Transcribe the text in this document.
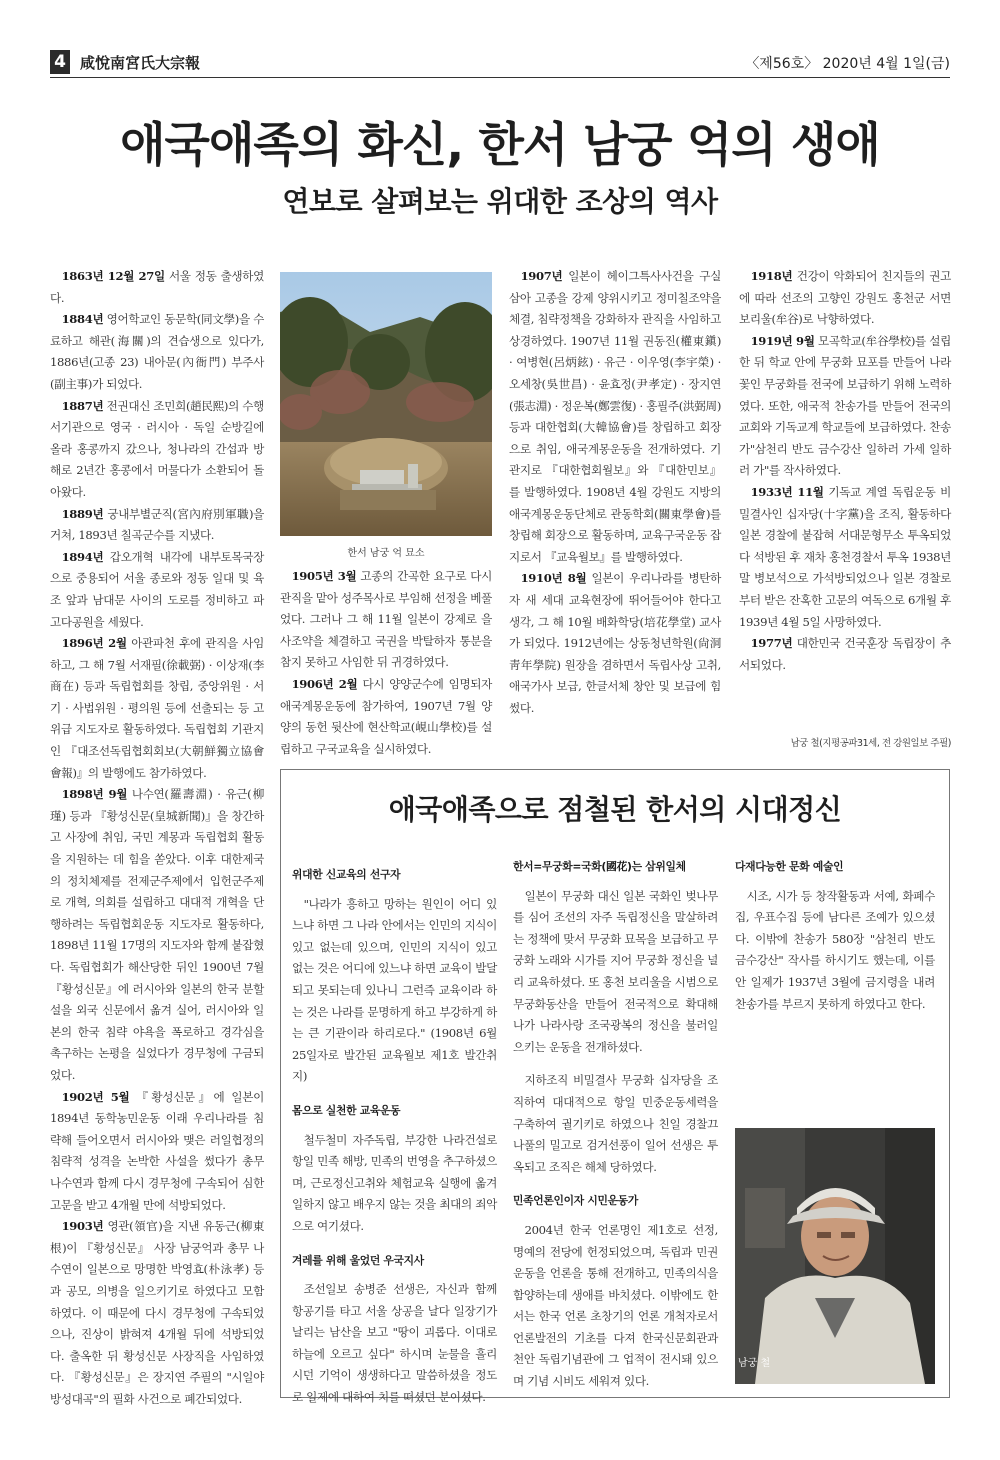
4 咸悅南宮氏大宗報	〈제56호〉 2020년 4월 1일(금)
애국애족의 화신, 한서 남궁 억의 생애
연보로 살펴보는 위대한 조상의 역사
한서 남궁 억 묘소

1863년 12월 27일 서울 정동 출생하였다.

1884년 영어학교인 동문학(同文學)을 수료하고 해관(海關)의 견습생으로 있다가, 1886년(고종 23) 내아문(內衙門) 부주사(副主事)가 되었다.

1887년 전권대신 조민희(趙民熙)의 수행서기관으로 영국 · 러시아 · 독일 순방길에 올라 홍콩까지 갔으나, 청나라의 간섭과 방해로 2년간 홍콩에서 머물다가 소환되어 돌아왔다.

1889년 궁내부별군직(宮內府別軍職)을 거쳐, 1893년 칠곡군수를 지냈다.

1894년 갑오개혁 내각에 내부토목국장으로 중용되어 서울 종로와 정동 일대 및 육조 앞과 남대문 사이의 도로를 정비하고 파고다공원을 세웠다.

1896년 2월 아관파천 후에 관직을 사임하고, 그 해 7월 서재필(徐載弼) · 이상재(李商在) 등과 독립협회를 창립, 중앙위원 · 서기 · 사법위원 · 평의원 등에 선출되는 등 고위급 지도자로 활동하였다. 독립협회 기관지인 『대조선독립협회회보(大朝鮮獨立協會會報)』의 발행에도 참가하였다.

1898년 9월 나수연(羅壽淵) · 유근(柳瑾) 등과 『황성신문(皇城新聞)』을 창간하고 사장에 취임, 국민 계몽과 독립협회 활동을 지원하는 데 힘을 쏟았다. 이후 대한제국의 정치체제를 전제군주제에서 입헌군주제로 개혁, 의회를 설립하고 대대적 개혁을 단행하려는 독립협회운동 지도자로 활동하다, 1898년 11월 17명의 지도자와 함께 붙잡혔다. 독립협회가 해산당한 뒤인 1900년 7월 『황성신문』에 러시아와 일본의 한국 분할 설을 외국 신문에서 옮겨 실어, 러시아와 일본의 한국 침략 야욕을 폭로하고 경각심을 촉구하는 논평을 실었다가 경무청에 구금되었다.

1902년 5월 『황성신문』에 일본이 1894년 동학농민운동 이래 우리나라를 침략해 들어오면서 러시아와 맺은 러일협정의 침략적 성격을 논박한 사설을 썼다가 총무 나수연과 함께 다시 경무청에 구속되어 심한 고문을 받고 4개월 만에 석방되었다.

1903년 영관(領官)을 지낸 유동근(柳東根)이 『황성신문』 사장 남궁억과 총무 나수연이 일본으로 망명한 박영효(朴泳孝) 등과 공모, 의병을 일으키기로 하였다고 모함하였다. 이 때문에 다시 경무청에 구속되었으나, 진상이 밝혀져 4개월 뒤에 석방되었다. 출옥한 뒤 황성신문 사장직을 사임하였다. 『황성신문』은 장지연 주필의 "시일야방성대곡"의 필화 사건으로 폐간되었다.

1905년 3월 고종의 간곡한 요구로 다시 관직을 맡아 성주목사로 부임해 선정을 베풀었다. 그러나 그 해 11월 일본이 강제로 을사조약을 체결하고 국권을 박탈하자 통분을 참지 못하고 사임한 뒤 귀경하였다.

1906년 2월 다시 양양군수에 임명되자 애국계몽운동에 참가하여, 1907년 7월 양양의 동헌 뒷산에 현산학교(峴山學校)를 설립하고 구국교육을 실시하였다.

1907년 일본이 헤이그특사사건을 구실삼아 고종을 강제 양위시키고 정미칠조약을 체결, 침략정책을 강화하자 관직을 사임하고 상경하였다. 1907년 11월 권동진(權東鎭) · 여병현(呂炳鉉) · 유근 · 이우영(李宇榮) · 오세창(吳世昌) · 윤효정(尹孝定) · 장지연(張志淵) · 정운복(鄭雲復) · 홍필주(洪弼周) 등과 대한협회(大韓協會)를 창립하고 회장으로 취임, 애국계몽운동을 전개하였다. 기관지로 『대한협회월보』와 『대한민보』를 발행하였다. 1908년 4월 강원도 지방의 애국계몽운동단체로 관동학회(關東學會)를 창립해 회장으로 활동하며, 교육구국운동 잡지로서 『교육월보』를 발행하였다.

1910년 8월 일본이 우리나라를 병탄하자 새 세대 교육현장에 뛰어들어야 한다고 생각, 그 해 10월 배화학당(培花學堂) 교사가 되었다. 1912년에는 상동청년학원(尙洞靑年學院) 원장을 겸하면서 독립사상 고취, 애국가사 보급, 한글서체 창안 및 보급에 힘썼다.

1918년 건강이 악화되어 친지들의 권고에 따라 선조의 고향인 강원도 홍천군 서면 보리울(牟谷)로 낙향하였다.

1919년 9월 모곡학교(牟谷學校)를 설립한 뒤 학교 안에 무궁화 묘포를 만들어 나라꽃인 무궁화를 전국에 보급하기 위해 노력하였다. 또한, 애국적 찬송가를 만들어 전국의 교회와 기독교계 학교들에 보급하였다. 찬송가"삼천리 반도 금수강산 일하러 가세 일하러 가"를 작사하였다.

1933년 11월 기독교 계열 독립운동 비밀결사인 십자당(十字黨)을 조직, 활동하다 일본 경찰에 붙잡혀 서대문형무소 투옥되었다 석방된 후 재차 홍천경찰서 투옥 1938년 말 병보석으로 가석방되었으나 일본 경찰로부터 받은 잔혹한 고문의 여독으로 6개월 후 1939년 4월 5일 사망하였다.

1977년 대한민국 건국훈장 독립장이 추서되었다.

남궁 철(지평공파31세, 전 강원일보 주필)
애국애족으로 점철된 한서의 시대정신
위대한 신교육의 선구자

"나라가 흥하고 망하는 원인이 어디 있느냐 하면 그 나라 안에서는 인민의 지식이 있고 없는데 있으며, 인민의 지식이 있고 없는 것은 어디에 있느냐 하면 교육이 발달되고 못되는데 있나니 그런즉 교육이라 하는 것은 나라를 문명하게 하고 부강하게 하는 큰 기관이라 하리로다." (1908년 6월 25일자로 발간된 교육월보 제1호 발간취지)

몸으로 실천한 교육운동

철두철미 자주독립, 부강한 나라건설로 항일 민족 해방, 민족의 번영을 추구하셨으며, 근로정신고취와 체험교육 실행에 옮겨 일하지 않고 배우지 않는 것을 최대의 죄악으로 여기셨다.

겨레를 위해 울었던 우국지사

조선일보 송병준 선생은, 자신과 함께 항공기를 타고 서울 상공을 날다 일장기가 날리는 남산을 보고 "땅이 괴롭다. 이대로 하늘에 오르고 싶다" 하시며 눈물을 흘리시던 기억이 생생하다고 말씀하셨을 정도로 일제에 대하여 치를 떠셨던 분이셨다.

한서=무궁화=국화(國花)는 삼위일체

일본이 무궁화 대신 일본 국화인 벚나무를 심어 조선의 자주 독립정신을 말살하려는 정책에 맞서 무궁화 묘목을 보급하고 무궁화 노래와 시가를 지어 무궁화 정신을 널리 교육하셨다. 또 홍천 보리울을 시범으로 무궁화동산을 만들어 전국적으로 확대해 나가 나라사랑 조국광복의 정신을 불러일으키는 운동을 전개하셨다.

지하조직 비밀결사 무궁화 십자당을 조직하여 대대적으로 항일 민중운동세력을 구축하여 궐기키로 하였으나 친일 경찰끄나풀의 밀고로 검거선풍이 일어 선생은 투옥되고 조직은 해체 당하였다.

민족언론인이자 시민운동가

2004년 한국 언론명인 제1호로 선정, 명예의 전당에 헌정되었으며, 독립과 민권운동을 언론을 통해 전개하고, 민족의식을 함양하는데 생애를 바치셨다. 이밖에도 한서는 한국 언론 초창기의 언론 개척자로서 언론발전의 기초를 다져 한국신문회관과 천안 독립기념관에 그 업적이 전시돼 있으며 기념 시비도 세워져 있다.

다재다능한 문화 예술인

시조, 시가 등 창작활동과 서예, 화폐수집, 우표수집 등에 남다른 조예가 있으셨다. 이밖에 찬송가 580장 "삼천리 반도 금수강산" 작사를 하시기도 했는데, 이를 안 일제가 1937년 3월에 금지령을 내려 찬송가를 부르지 못하게 하였다고 한다.

남궁 철
